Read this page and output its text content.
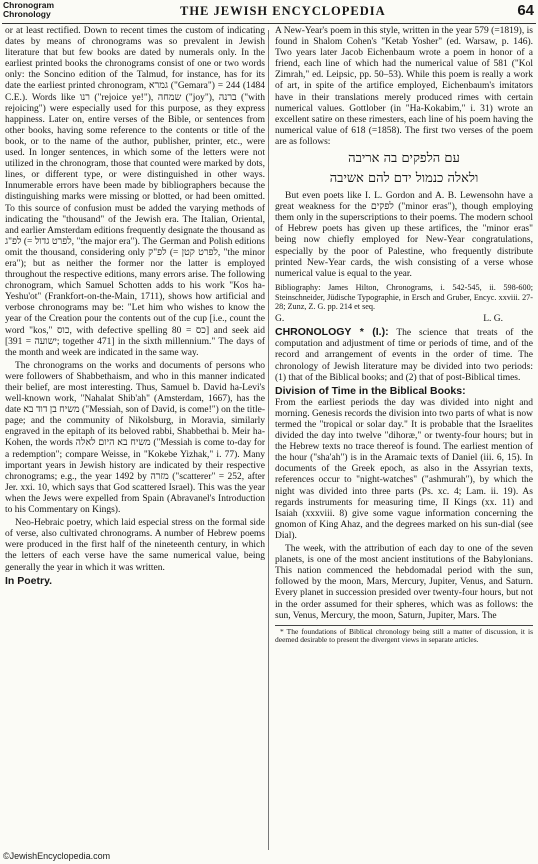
Chronogram
Chronology	THE JEWISH ENCYCLOPEDIA	64

or at least rectified. Down to recent times the custom of indicating dates by means of chronograms was so prevalent in Jewish literature that but few books are dated by numerals only. In the earliest printed books the chronograms consist of one or two words only: the Soncino edition of the Talmud, for instance, has for its date the earliest printed chronogram, גמרא ("Gemara") = 244 (1484 C.E.). Words like רנו ("rejoice ye!"), שמחה ("joy"), ברנה ("with rejoicing") were especially used for this purpose, as they express happiness. Later on, entire verses of the Bible, or sentences from other books, having some reference to the contents or title of the book, or to the name of the author, publisher, printer, etc., were used. In longer sentences, in which some of the letters were not utilized in the chronogram, those that counted were marked by dots, lines, or different type, or were distinguished in other ways. Innumerable errors have been made by bibliographers because the distinguishing marks were missing or blotted, or had been omitted. To this source of confusion must be added the varying methods of indicating the "thousand" of the Jewish era. The Italian, Oriental, and earlier Amsterdam editions frequently designate the thousand as לפ"ג (= לפרט גדול, "the major era"). The German and Polish editions omit the thousand, considering only לפ"ק (= לפרט קטן, "the minor era"); but as neither the former nor the latter is employed throughout the respective editions, many errors arise. The following chronogram, which Samuel Schotten adds to his work "Kos ha-Yeshu'ot" (Frankfort-on-the-Main, 1711), shows how artificial and verbose chronograms may be: "Let him who wishes to know the year of the Creation pour the contents out of the cup [i.e., count the word "kos," כוס, with defective spelling כס = 80] and seek aid [ישועה = 391; together 471] in the sixth millennium." The days of the month and week are indicated in the same way.

The chronograms on the works and documents of persons who were followers of Shabbethaism, and who in this manner indicated their belief, are most interesting. Thus, Samuel b. David ha-Levi's well-known work, "Nahalat Shib'ah" (Amsterdam, 1667), has the date משיח בן דוד בא ("Messiah, son of David, is come!") on the title-page; and the community of Nikolsburg, in Moravia, similarly engraved in the epitaph of its beloved rabbi, Shabbethai b. Meir ha-Kohen, the words משיח בא היום לאלה ("Messiah is come to-day for a redemption"; compare Weisse, in "Kokebe Yizhak," i. 77). Many important years in Jewish history are indicated by their respective chronograms; e.g., the year 1492 by מזרה ("scatterer" = 252, after Jer. xxi. 10, which says that God scattered Israel). This was the year when the Jews were expelled from Spain (Abravanel's Introduction to his Commentary on Kings).

Neo-Hebraic poetry, which laid especial stress on the formal side of verse, also cultivated chronograms. A number of Hebrew poems were produced in the first half of the nineteenth century, in which the letters of each verse have the same numerical value, being generally the year in which it was written.

In Poetry.

A New-Year's poem in this style, written in the year 579 (=1819), is found in Shalom Cohen's "Ketab Yosher" (ed. Warsaw, p. 146). Two years later Jacob Eichenbaum wrote a poem in honor of a friend, each line of which had the numerical value of 581 ("Kol Zimrah," ed. Leipsic, pp. 50–53). While this poem is really a work of art, in spite of the artifice employed, Eichenbaum's imitators have in their translations merely produced rimes with certain numerical values. Gottlober (in "Ha-Kokabim," i. 31) wrote an excellent satire on these rimesters, each line of his poem having the numerical value of 618 (=1858). The first two verses of the poem are as follows:

עם הלפקים בה אריבה
ולאלה כנמול ידם להם אשיבה

But even poets like I. L. Gordon and A. B. Lewensohn have a great weakness for the לפקים ("minor eras"), though employing them only in the superscriptions to their poems. The modern school of Hebrew poets has given up these artifices, the "minor eras" being now chiefly employed for New-Year congratulations, especially by the poor of Palestine, who frequently distribute printed New-Year cards, the wish consisting of a verse whose numerical value is equal to the year.

Bibliography: James Hilton, Chronograms, i. 542-545, ii. 598-600; Steinschneider, Jüdische Typographie, in Ersch and Gruber, Encyc. xxviii. 27-28; Zunz, Z. G. pp. 214 et seq.

G.	L. G.

CHRONOLOGY * (I.): The science that treats of the computation and adjustment of time or periods of time, and of the record and arrangement of events in the order of time. The chronology of Jewish literature may be divided into two periods: (1) that of the Biblical books; and (2) that of post-Biblical times.

Division of Time in the Biblical Books:

From the earliest periods the day was divided into night and morning. Genesis records the division into two parts of what is now termed the "tropical or solar day." It is probable that the Israelites divided the day into twelve "dihoræ," or twenty-four hours; but in the Hebrew texts no trace thereof is found. The earliest mention of the hour ("sha'ah") is in the Aramaic texts of Daniel (iii. 6, 15). In documents of the Greek epoch, as also in the Assyrian texts, references occur to "night-watches" ("ashmurah"), by which the night was divided into three parts (Ps. xc. 4; Lam. ii. 19). As regards instruments for measuring time, II Kings (xx. 11) and Isaiah (xxxviii. 8) give some vague information concerning the gnomon of King Ahaz, and the degrees marked on his sun-dial (see Dial).

The week, with the attribution of each day to one of the seven planets, is one of the most ancient institutions of the Babylonians. This nation commenced the hebdomadal period with the sun, followed by the moon, Mars, Mercury, Jupiter, Venus, and Saturn. Every planet in succession presided over twenty-four hours, but not in the order assumed for their spheres, which was as follows: the sun, Venus, Mercury, the moon, Saturn, Jupiter, Mars. The

* The foundations of Biblical chronology being still a matter of discussion, it is deemed desirable to present the divergent views in separate articles.
©JewishEncyclopedia.com
